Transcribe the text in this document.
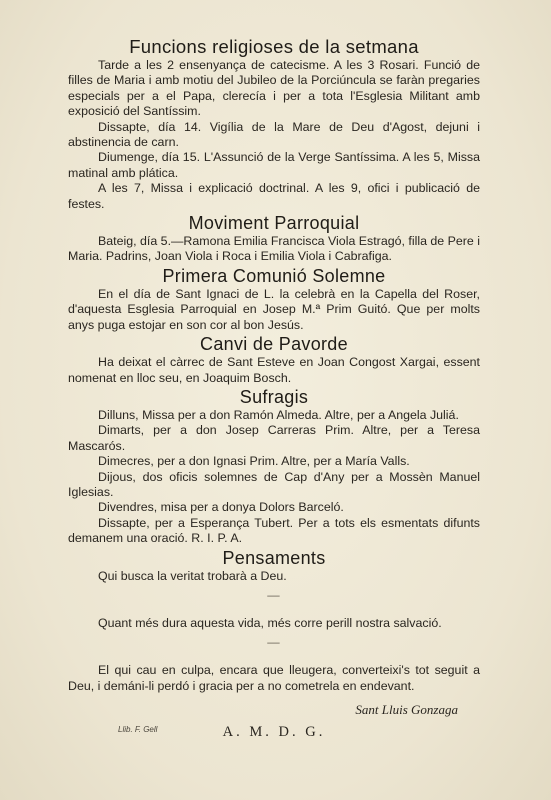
Funcions religioses de la setmana

Tarde a les 2 ensenyança de catecisme. A les 3 Rosari. Funció de filles de Maria i amb motiu del Jubileo de la Porciúncula se faràn pregaries especials per a el Papa, clerecía i per a tota l'Esglesia Militant amb exposició del Santíssim.

Dissapte, día 14. Vigília de la Mare de Deu d'Agost, dejuni i abstinencia de carn.

Diumenge, día 15. L'Assunció de la Verge Santíssima. A les 5, Missa matinal amb plática.

A les 7, Missa i explicació doctrinal. A les 9, ofici i publicació de festes.

Moviment Parroquial

Bateig, día 5.—Ramona Emilia Francisca Viola Estragó, filla de Pere i Maria. Padrins, Joan Viola i Roca i Emilia Viola i Cabrafiga.

Primera Comunió Solemne

En el día de Sant Ignaci de L. la celebrà en la Capella del Roser, d'aquesta Esglesia Parroquial en Josep M.ª Prim Guitó. Que per molts anys puga estojar en son cor al bon Jesús.

Canvi de Pavorde

Ha deixat el càrrec de Sant Esteve en Joan Congost Xargai, essent nomenat en lloc seu, en Joaquim Bosch.

Sufragis

Dilluns, Missa per a don Ramón Almeda. Altre, per a Angela Juliá.

Dimarts, per a don Josep Carreras Prim. Altre, per a Teresa Mascarós.

Dimecres, per a don Ignasi Prim. Altre, per a María Valls.

Dijous, dos oficis solemnes de Cap d'Any per a Mossèn Manuel Iglesias.

Divendres, misa per a donya Dolors Barceló.

Dissapte, per a Esperança Tubert. Per a tots els esmentats difunts demanem una oració. R. I. P. A.

Pensaments

Qui busca la veritat trobarà a Deu.

—

Quant més dura aquesta vida, més corre perill nostra salvació.

—

El qui cau en culpa, encara que lleugera, converteixi's tot seguit a Deu, i demáni-li perdó i gracia per a no cometrela en endevant.

Sant Lluis Gonzaga
A. M. D. G.
Llib. F. Gell
